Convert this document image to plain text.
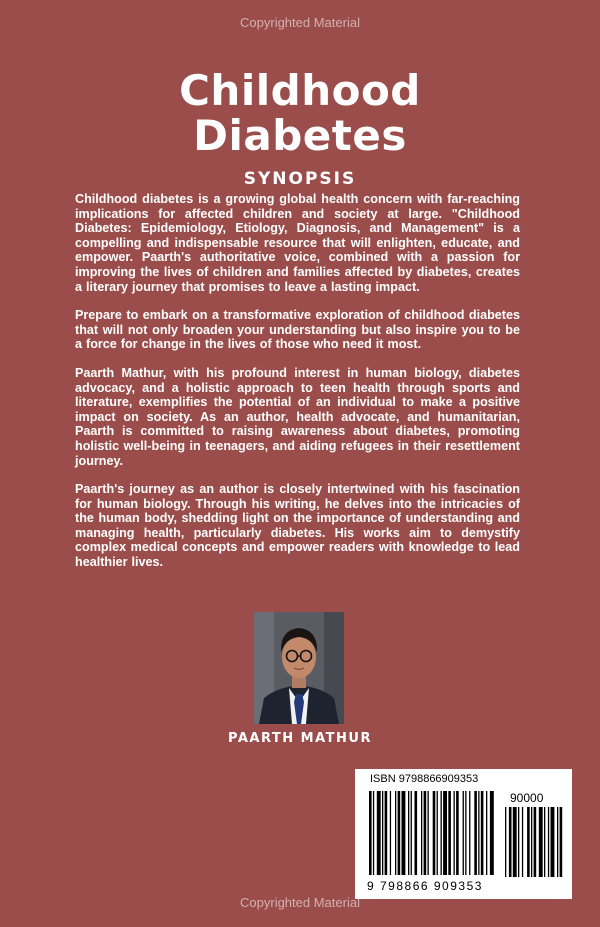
Copyrighted Material
Childhood
Diabetes
SYNOPSIS

Childhood diabetes is a growing global health concern with far-reaching implications for affected children and society at large. "Childhood Diabetes: Epidemiology, Etiology, Diagnosis, and Management" is a compelling and indispensable resource that will enlighten, educate, and empower. Paarth's authoritative voice, combined with a passion for improving the lives of children and families affected by diabetes, creates a literary journey that promises to leave a lasting impact.

Prepare to embark on a transformative exploration of childhood diabetes that will not only broaden your understanding but also inspire you to be a force for change in the lives of those who need it most.

Paarth Mathur, with his profound interest in human biology, diabetes advocacy, and a holistic approach to teen health through sports and literature, exemplifies the potential of an individual to make a positive impact on society. As an author, health advocate, and humanitarian, Paarth is committed to raising awareness about diabetes, promoting holistic well-being in teenagers, and aiding refugees in their resettlement journey.

Paarth's journey as an author is closely intertwined with his fascination for human biology. Through his writing, he delves into the intricacies of the human body, shedding light on the importance of understanding and managing health, particularly diabetes. His works aim to demystify complex medical concepts and empower readers with knowledge to lead healthier lives.

PAARTH MATHUR
ISBN 9798866909353
90000
9 798866 909353
Copyrighted Material
